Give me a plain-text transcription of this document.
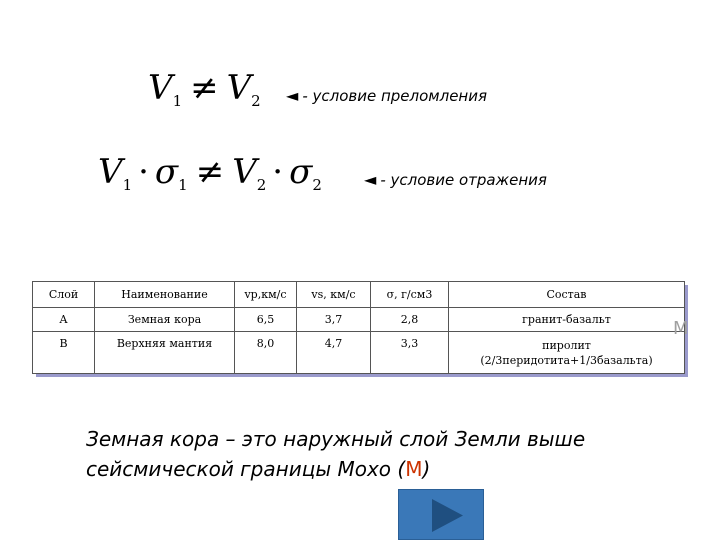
$V_1 \ne V_2$ ◄ - условие преломления
$V_1 \cdot \sigma_1 \ne V_2 \cdot \sigma_2$	◄ - условие отражения
Слой	Наименование	vp,км/с	vs, км/с	σ, г/см3	Состав
A	Земная кора	6,5	3,7	2,8	гранит-базальт
B	Верхняя мантия	8,0	4,7	3,3	пиролит (2/3перидотита+1/3базальта)
M
Земная кора – это наружный слой Земли выше сейсмической границы Мохо (М)
